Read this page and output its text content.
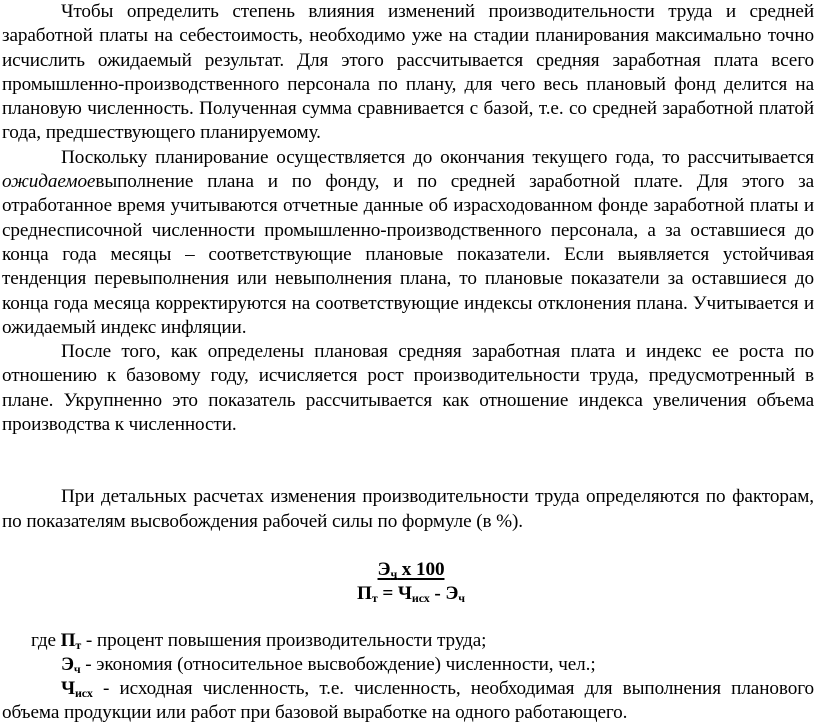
Чтобы определить степень влияния изменений производительности труда и средней заработной платы на себестоимость, необходимо уже на стадии планирования максимально точно исчислить ожидаемый результат. Для этого рассчитывается средняя заработная плата всего промышленно-производственного персонала по плану, для чего весь плановый фонд делится на плановую численность. Полученная сумма сравнивается с базой, т.е. со средней заработной платой года, предшествующего планируемому.

Поскольку планирование осуществляется до окончания текущего года, то рассчитывается ожидаемоевыполнение плана и по фонду, и по средней заработной плате. Для этого за отработанное время учитываются отчетные данные об израсходованном фонде заработной платы и среднесписочной численности промышленно-производственного персонала, а за оставшиеся до конца года месяцы – соответствующие плановые показатели. Если выявляется устойчивая тенденция перевыполнения или невыполнения плана, то плановые показатели за оставшиеся до конца года месяца корректируются на соответствующие индексы отклонения плана. Учитывается и ожидаемый индекс инфляции.

После того, как определены плановая средняя заработная плата и индекс ее роста по отношению к базовому году, исчисляется рост производительности труда, предусмотренный в плане. Укрупненно это показатель рассчитывается как отношение индекса увеличения объема производства к численности.

При детальных расчетах изменения производительности труда определяются по факторам, по показателям высвобождения рабочей силы по формуле (в %).

$Э_ч$ х 100
$П_т = Ч_{исх} - Э_ч$

где $П_т$ - процент повышения производительности труда;

$Э_ч$ - экономия (относительное высвобождение) численности, чел.;

$Ч_{исх}$ - исходная численность, т.е. численность, необходимая для выполнения планового объема продукции или работ при базовой выработке на одного работающего.
